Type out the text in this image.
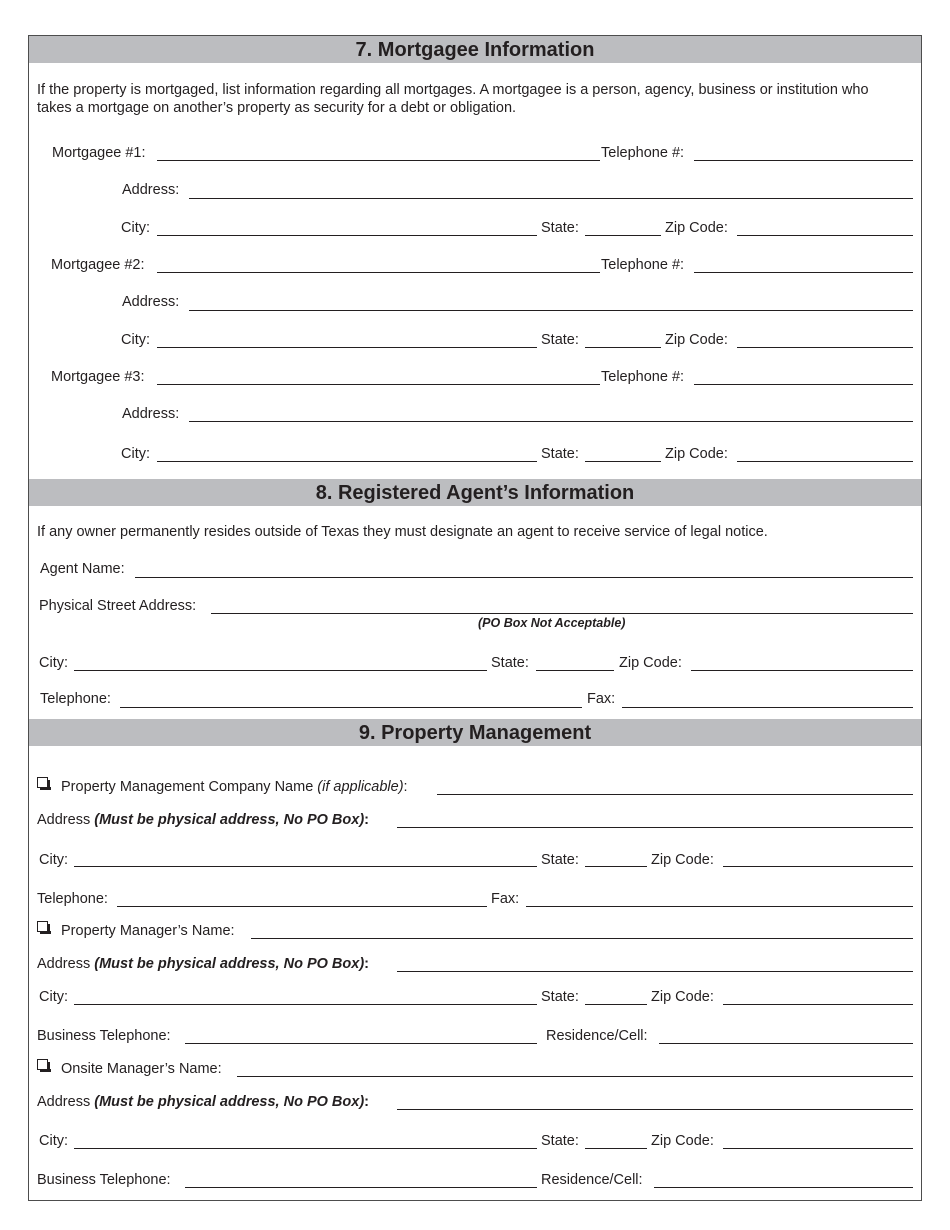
7. Mortgagee Information
If the property is mortgaged, list information regarding all mortgages. A mortgagee is a person, agency, business or institution who takes a mortgage on another’s property as security for a debt or obligation.
Mortgagee #1:	Telephone #:
Address:
City:	State:	Zip Code:
Mortgagee #2:	Telephone #:
Address:
City:	State:	Zip Code:
Mortgagee #3:	Telephone #:
Address:
City:	State:	Zip Code:
8. Registered Agent’s Information
If any owner permanently resides outside of Texas they must designate an agent to receive service of legal notice.
Agent Name:
Physical Street Address:
(PO Box Not Acceptable)
City:	State:	Zip Code:
Telephone:	Fax:
9. Property Management
Property Management Company Name (if applicable):
Address (Must be physical address, No PO Box):
City:	State:	Zip Code:
Telephone:	Fax:
Property Manager’s Name:
Address (Must be physical address, No PO Box):
City:	State:	Zip Code:
Business Telephone:	Residence/Cell:
Onsite Manager’s Name:
Address (Must be physical address, No PO Box):
City:	State:	Zip Code:
Business Telephone:	Residence/Cell:
